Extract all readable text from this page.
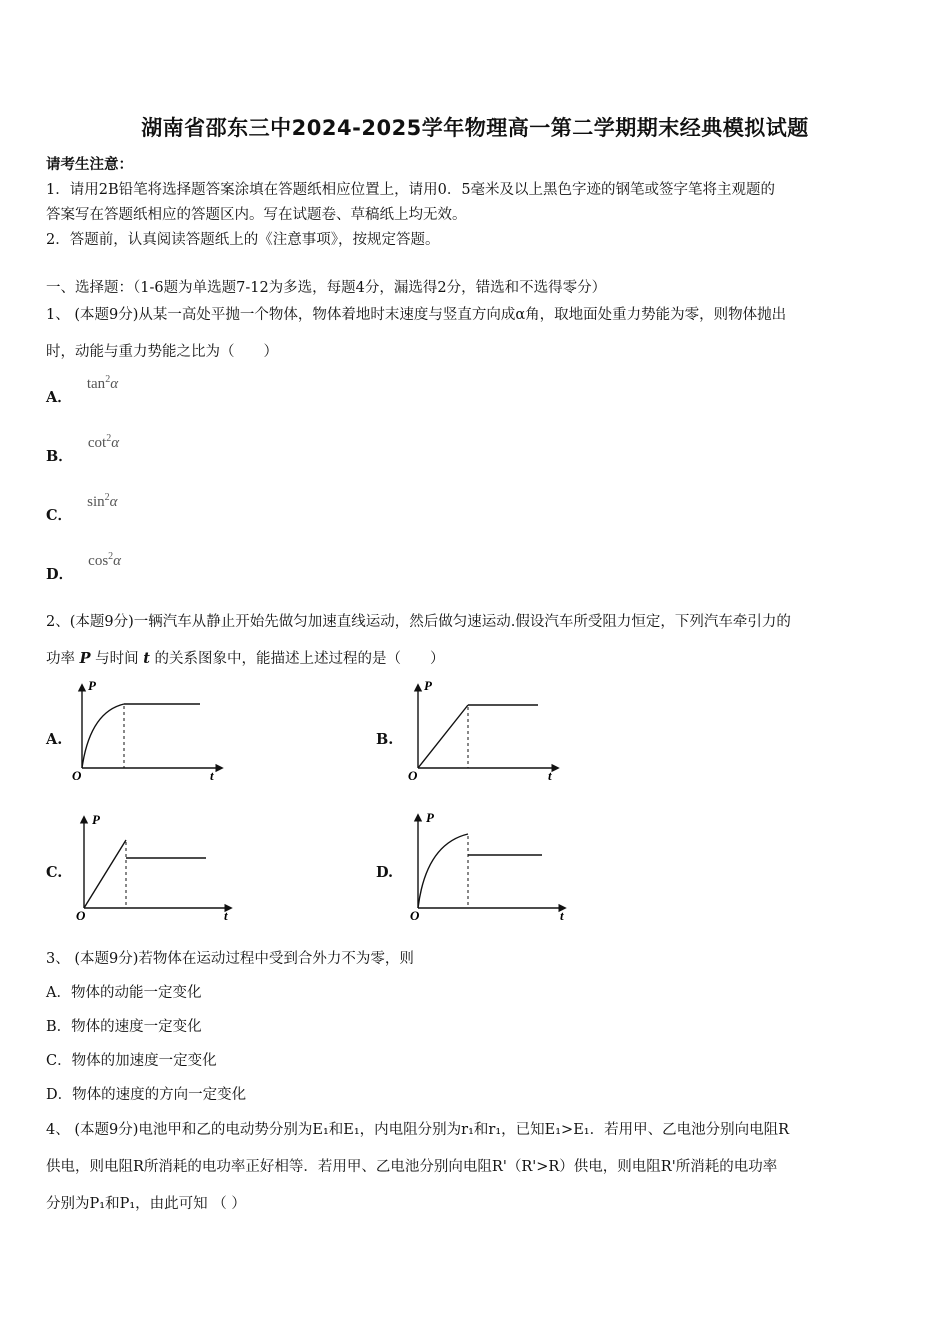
湖南省邵东三中2024-2025学年物理高一第二学期期末经典模拟试题
请考生注意：
1．请用2B铅笔将选择题答案涂填在答题纸相应位置上，请用0．5毫米及以上黑色字迹的钢笔或签字笔将主观题的
答案写在答题纸相应的答题区内。写在试题卷、草稿纸上均无效。
2．答题前，认真阅读答题纸上的《注意事项》，按规定答题。
一、选择题：（1-6题为单选题7-12为多选，每题4分，漏选得2分，错选和不选得零分）
1、 (本题9分)从某一高处平抛一个物体，物体着地时末速度与竖直方向成α角，取地面处重力势能为零，则物体抛出
时，动能与重力势能之比为（　　）
A． $\tan^2\alpha$
B． $\cot^2\alpha$
C． $\sin^2\alpha$
D． $\cos^2\alpha$
2、(本题9分)一辆汽车从静止开始先做匀加速直线运动，然后做匀速运动.假设汽车所受阻力恒定，下列汽车牵引力的
功率 P 与时间 t 的关系图象中，能描述上述过程的是（　　）
A.
P
t
O
B.
P
t
O
C.
P
t
O
D.
P
t
O
3、 (本题9分)若物体在运动过程中受到合外力不为零，则
A．物体的动能一定变化
B．物体的速度一定变化
C．物体的加速度一定变化
D．物体的速度的方向一定变化
4、 (本题9分)电池甲和乙的电动势分别为E₁和E₁，内电阻分别为r₁和r₁，已知E₁>E₁．若用甲、乙电池分别向电阻R
供电，则电阻R所消耗的电功率正好相等．若用甲、乙电池分别向电阻R'（R'>R）供电，则电阻R'所消耗的电功率
分别为P₁和P₁，由此可知 （ ）
